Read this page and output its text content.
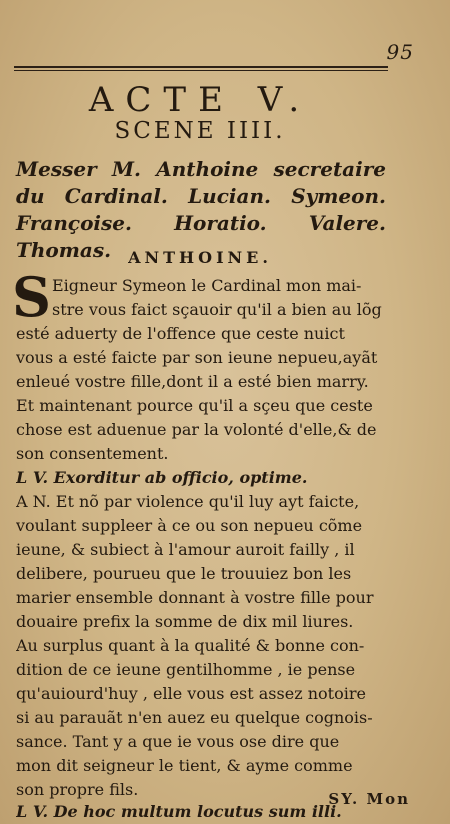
95
ACTE V.
SCENE IIII.
Messer M. Anthoine secretaire du Cardinal. Lucian. Symeon. Françoise. Horatio. Valere. Thomas.	ANTHOINE.
S Eigneur Symeon le Cardinal mon mai-
stre vous faict sçauoir qu'il a bien au lõg
esté aduerty de l'offence que ceste nuict
vous a esté faicte par son ieune nepueu,ayãt
enleué vostre fille,dont il a esté bien marry.
Et maintenant pource qu'il a sçeu que ceste
chose est aduenue par la volonté d'elle,& de
son consentement.
L V. Exorditur ab officio, optime.
A N. Et nõ par violence qu'il luy ayt faicte,
voulant suppleer à ce ou son nepueu cõme
ieune, & subiect à l'amour auroit failly , il
delibere, pourueu que le trouuiez bon les
marier ensemble donnant à vostre fille pour
douaire prefix la somme de dix mil liures.
Au surplus quant à la qualité & bonne con-
dition de ce ieune gentilhomme , ie pense
qu'auiourd'huy , elle vous est assez notoire
si au parauãt n'en auez eu quelque cognois-
sance. Tant y a que ie vous ose dire que
mon dit seigneur le tient, & ayme comme
son propre fils.
L V. De hoc multum locutus sum illi.
SY. Mon
